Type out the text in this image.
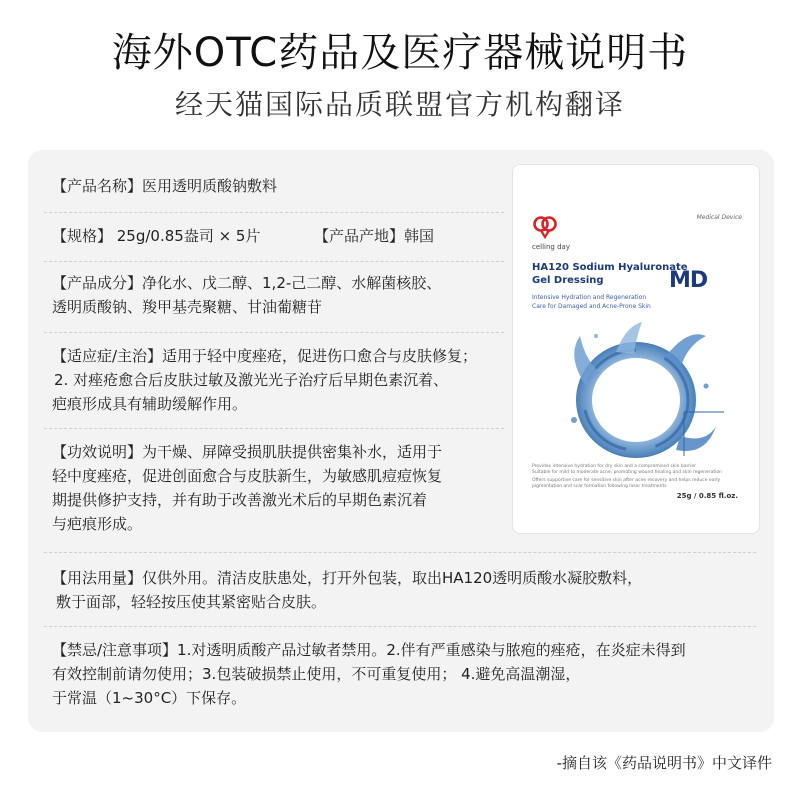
海外OTC药品及医疗器械说明书
经天猫国际品质联盟官方机构翻译
【产品名称】医用透明质酸钠敷料
【规格】 25g/0.85盎司 × 5片	【产品产地】韩国
【产品成分】净化水、戊二醇、1,2-己二醇、水解菌核胶、
透明质酸钠、羧甲基壳聚糖、甘油葡糖苷
【适应症/主治】适用于轻中度痤疮，促进伤口愈合与皮肤修复；
2. 对痤疮愈合后皮肤过敏及激光光子治疗后早期色素沉着、
疤痕形成具有辅助缓解作用。
【功效说明】为干燥、屏障受损肌肤提供密集补水，适用于
轻中度痤疮，促进创面愈合与皮肤新生，为敏感肌痘痘恢复
期提供修护支持，并有助于改善激光术后的早期色素沉着
与疤痕形成。
【用法用量】仅供外用。清洁皮肤患处，打开外包装，取出HA120透明质酸水凝胶敷料，
敷于面部，轻轻按压使其紧密贴合皮肤。
【禁忌/注意事项】1.对透明质酸产品过敏者禁用。2.伴有严重感染与脓疱的痤疮，在炎症未得到
有效控制前请勿使用；3.包装破损禁止使用，不可重复使用； 4.避免高温潮湿，
于常温（1~30°C）下保存。
celling day
Medical Device
HA120 Sodium Hyaluronate
Gel Dressing	MD
Intensive Hydration and Regeneration
Care for Damaged and Acne-Prone Skin
Provides intensive hydration for dry skin and a compromised skin barrier
Suitable for mild to moderate acne, promoting wound healing and skin regeneration
Offers supportive care for sensitive skin after acne recovery and helps reduce early
pigmentation and scar formation following laser treatments
25g / 0.85 fl.oz.
-摘自该《药品说明书》中文译件
